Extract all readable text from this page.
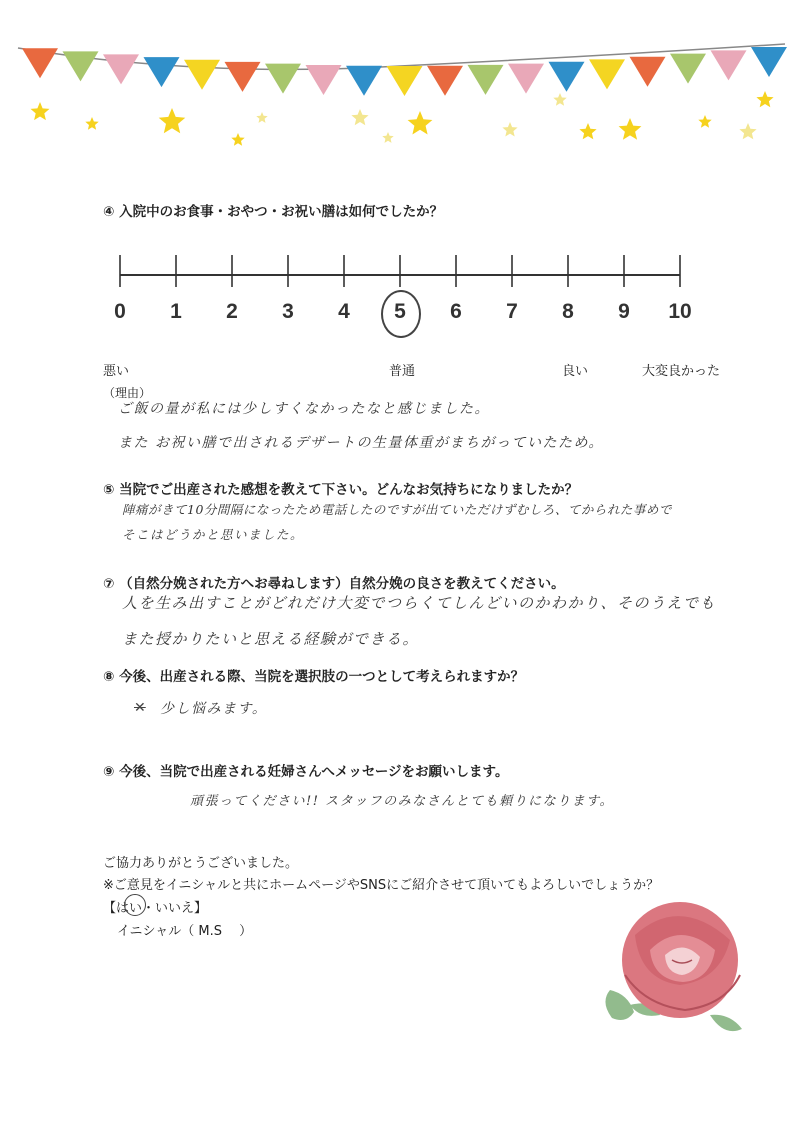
④ 入院中のお食事・おやつ・お祝い膳は如何でしたか？
0	1	2	3	4	5	6	7	8	9	10
悪い	普通	良い	大変良かった
（理由）
ご飯の量が私には少しすくなかったなと感じました。
また お祝い膳で出されるデザートの生量体重がまちがっていたため。
⑤ 当院でご出産された感想を教えて下さい。どんなお気持ちになりましたか？
陣痛がきて10分間隔になったため電話したのですが出ていただけずむしろ、てかられた事めで
そこはどうかと思いました。
⑦ （自然分娩された方へお尋ねします）自然分娩の良さを教えてください。
人を生み出すことがどれだけ大変でつらくてしんどいのかわかり、そのうえでも
また授かりたいと思える経験ができる。
⑧ 今後、出産される際、当院を選択肢の一つとして考えられますか？
✕	少し悩みます。
⑨ 今後、当院で出産される妊婦さんへメッセージをお願いします。
頑張ってください!! スタッフのみなさんとても頼りになります。
ご協力ありがとうございました。
※ご意見をイニシャルと共にホームページやSNSにご紹介させて頂いてもよろしいでしょうか？
【はい・いいえ】
イニシャル（ M.S　 ）
